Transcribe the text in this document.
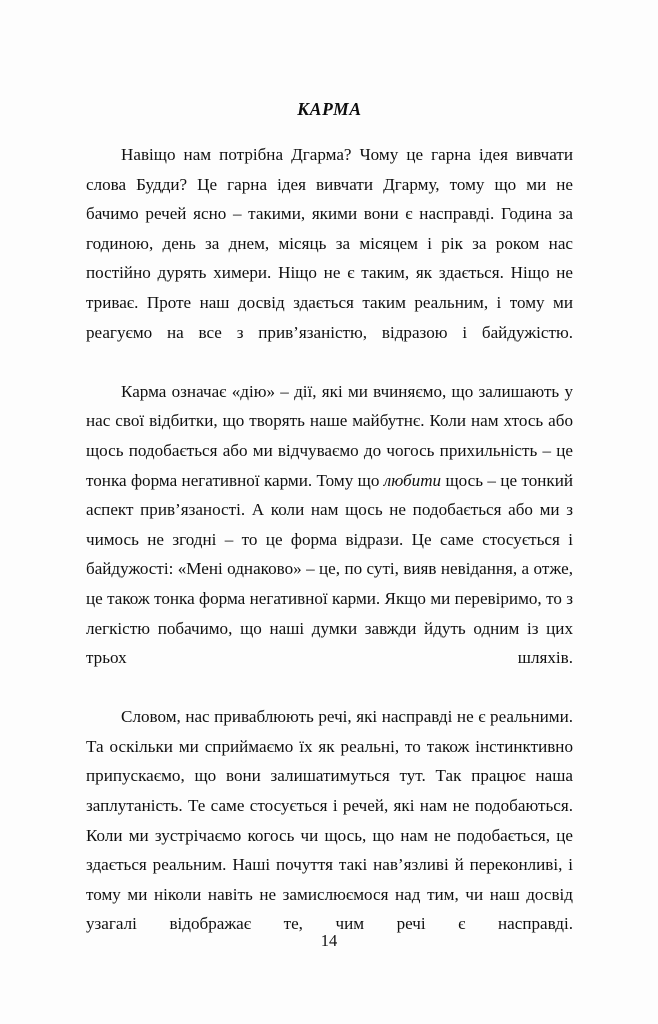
КАРМА

Навіщо нам потрібна Дгарма? Чому це гарна ідея вивчати слова Будди? Це гарна ідея вивчати Дгарму, тому що ми не бачимо речей ясно – такими, якими вони є насправді. Година за годиною, день за днем, місяць за місяцем і рік за роком нас постійно дурять химери. Ніщо не є таким, як здається. Ніщо не триває. Проте наш досвід здається таким реальним, і тому ми реагуємо на все з прив’язаністю, відразою і байдужістю.

Карма означає «дію» – дії, які ми вчиняємо, що залишають у нас свої відбитки, що творять наше майбутнє. Коли нам хтось або щось подобається або ми відчуваємо до чогось прихильність – це тонка форма негативної карми. Тому що любити щось – це тонкий аспект прив’язаності. А коли нам щось не подобається або ми з чимось не згодні – то це форма відрази. Це саме стосується і байдужості: «Мені однаково» – це, по суті, вияв невідання, а отже, це також тонка форма негативної карми. Якщо ми перевіримо, то з легкістю побачимо, що наші думки завжди йдуть одним із цих трьох шляхів.

Словом, нас приваблюють речі, які насправді не є реальними. Та оскільки ми сприймаємо їх як реальні, то також інстинктивно припускаємо, що вони залишатимуться тут. Так працює наша заплутаність. Те саме стосується і речей, які нам не подобаються. Коли ми зустрічаємо когось чи щось, що нам не подобається, це здається реальним. Наші почуття такі нав’язливі й переконливі, і тому ми ніколи навіть не замислюємося над тим, чи наш досвід узагалі відображає те, чим речі є насправді.

14
